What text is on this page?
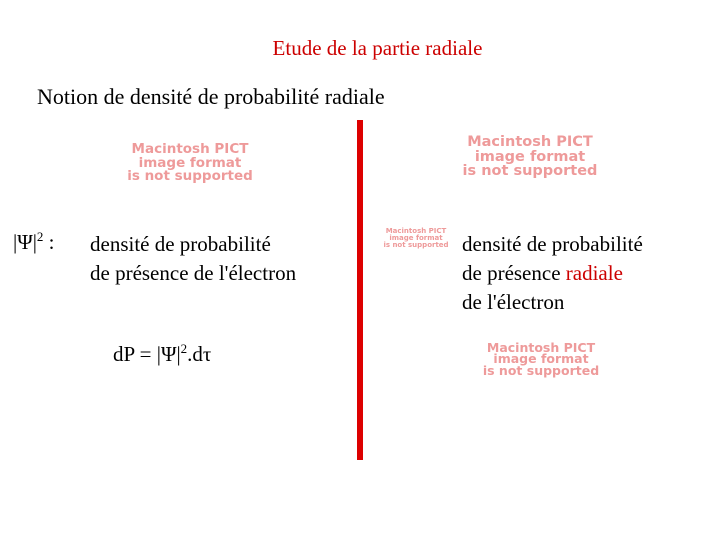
Etude de la partie radiale
Notion de densité de probabilité radiale
Macintosh PICT
image format
is not supported
Macintosh PICT
image format
is not supported
Macintosh PICT
image format
is not supported
Macintosh PICT
image format
is not supported
$|\Psi|^2$ : densité de probabilité
de présence de l'électron
dP = $|\Psi|^2.d\tau$
densité de probabilité
de présence radiale
de l'électron
